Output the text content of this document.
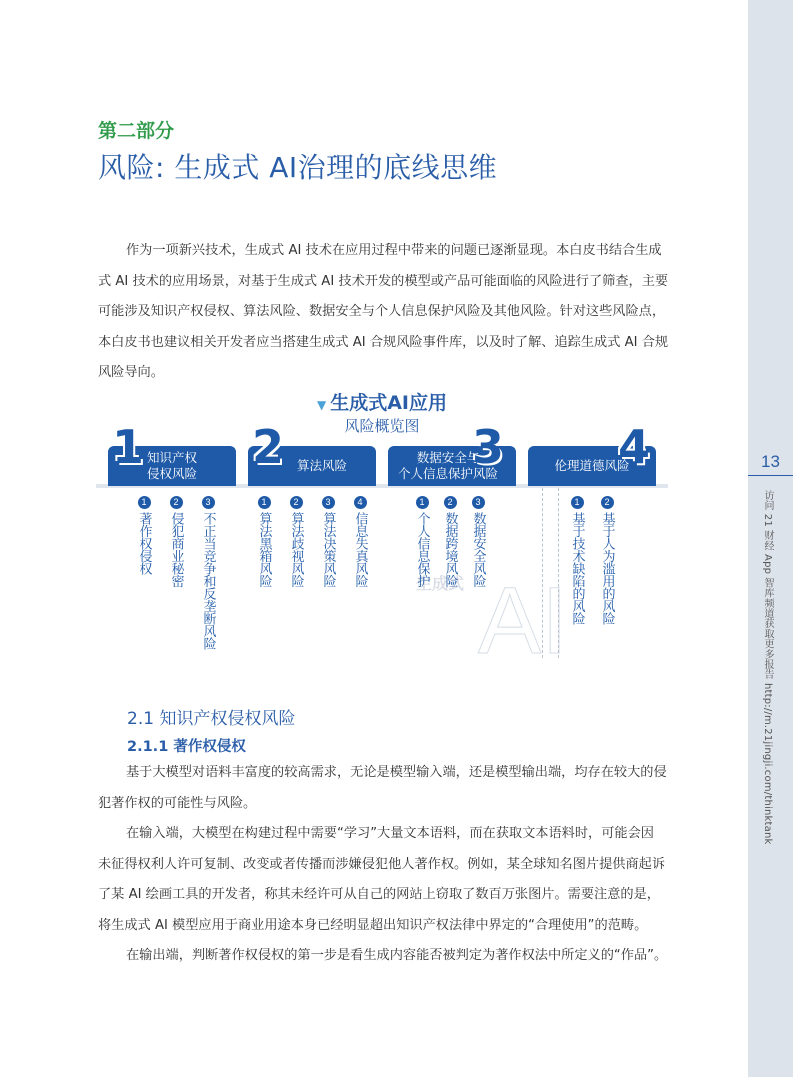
13
访问 21 财经 App 智库频道获取更多报告 http://m.21jingji.com/thinktank
第二部分
风险: 生成式 AI治理的底线思维
作为一项新兴技术，生成式 AI 技术在应用过程中带来的问题已逐渐显现。本白皮书结合生成
式 AI 技术的应用场景，对基于生成式 AI 技术开发的模型或产品可能面临的风险进行了筛查，主要
可能涉及知识产权侵权、算法风险、数据安全与个人信息保护风险及其他风险。针对这些风险点，
本白皮书也建议相关开发者应当搭建生成式 AI 合规风险事件库，以及时了解、追踪生成式 AI 合规
风险导向。
▼ 生成式AI应用
风险概览图
生成式 AI
知识产权
侵权风险
1	算法风险
2	数据安全与
个人信息保护风险
3	伦理道德风险
4
1
著作权侵权
2
侵犯商业秘密
3
不正当竞争和反垄断风险
1
算法黑箱风险
2
算法歧视风险
3
算法决策风险
4
信息失真风险
1
个人信息保护
2
数据跨境风险
3
数据安全风险
1
基于技术缺陷的风险
2
基于人为滥用的风险
2.1 知识产权侵权风险
2.1.1 著作权侵权
基于大模型对语料丰富度的较高需求，无论是模型输入端，还是模型输出端，均存在较大的侵
犯著作权的可能性与风险。
在输入端，大模型在构建过程中需要“学习”大量文本语料，而在获取文本语料时，可能会因
未征得权利人许可复制、改变或者传播而涉嫌侵犯他人著作权。例如，某全球知名图片提供商起诉
了某 AI 绘画工具的开发者，称其未经许可从自己的网站上窃取了数百万张图片。需要注意的是，
将生成式 AI 模型应用于商业用途本身已经明显超出知识产权法律中界定的“合理使用”的范畴。
在输出端，判断著作权侵权的第一步是看生成内容能否被判定为著作权法中所定义的“作品”。
